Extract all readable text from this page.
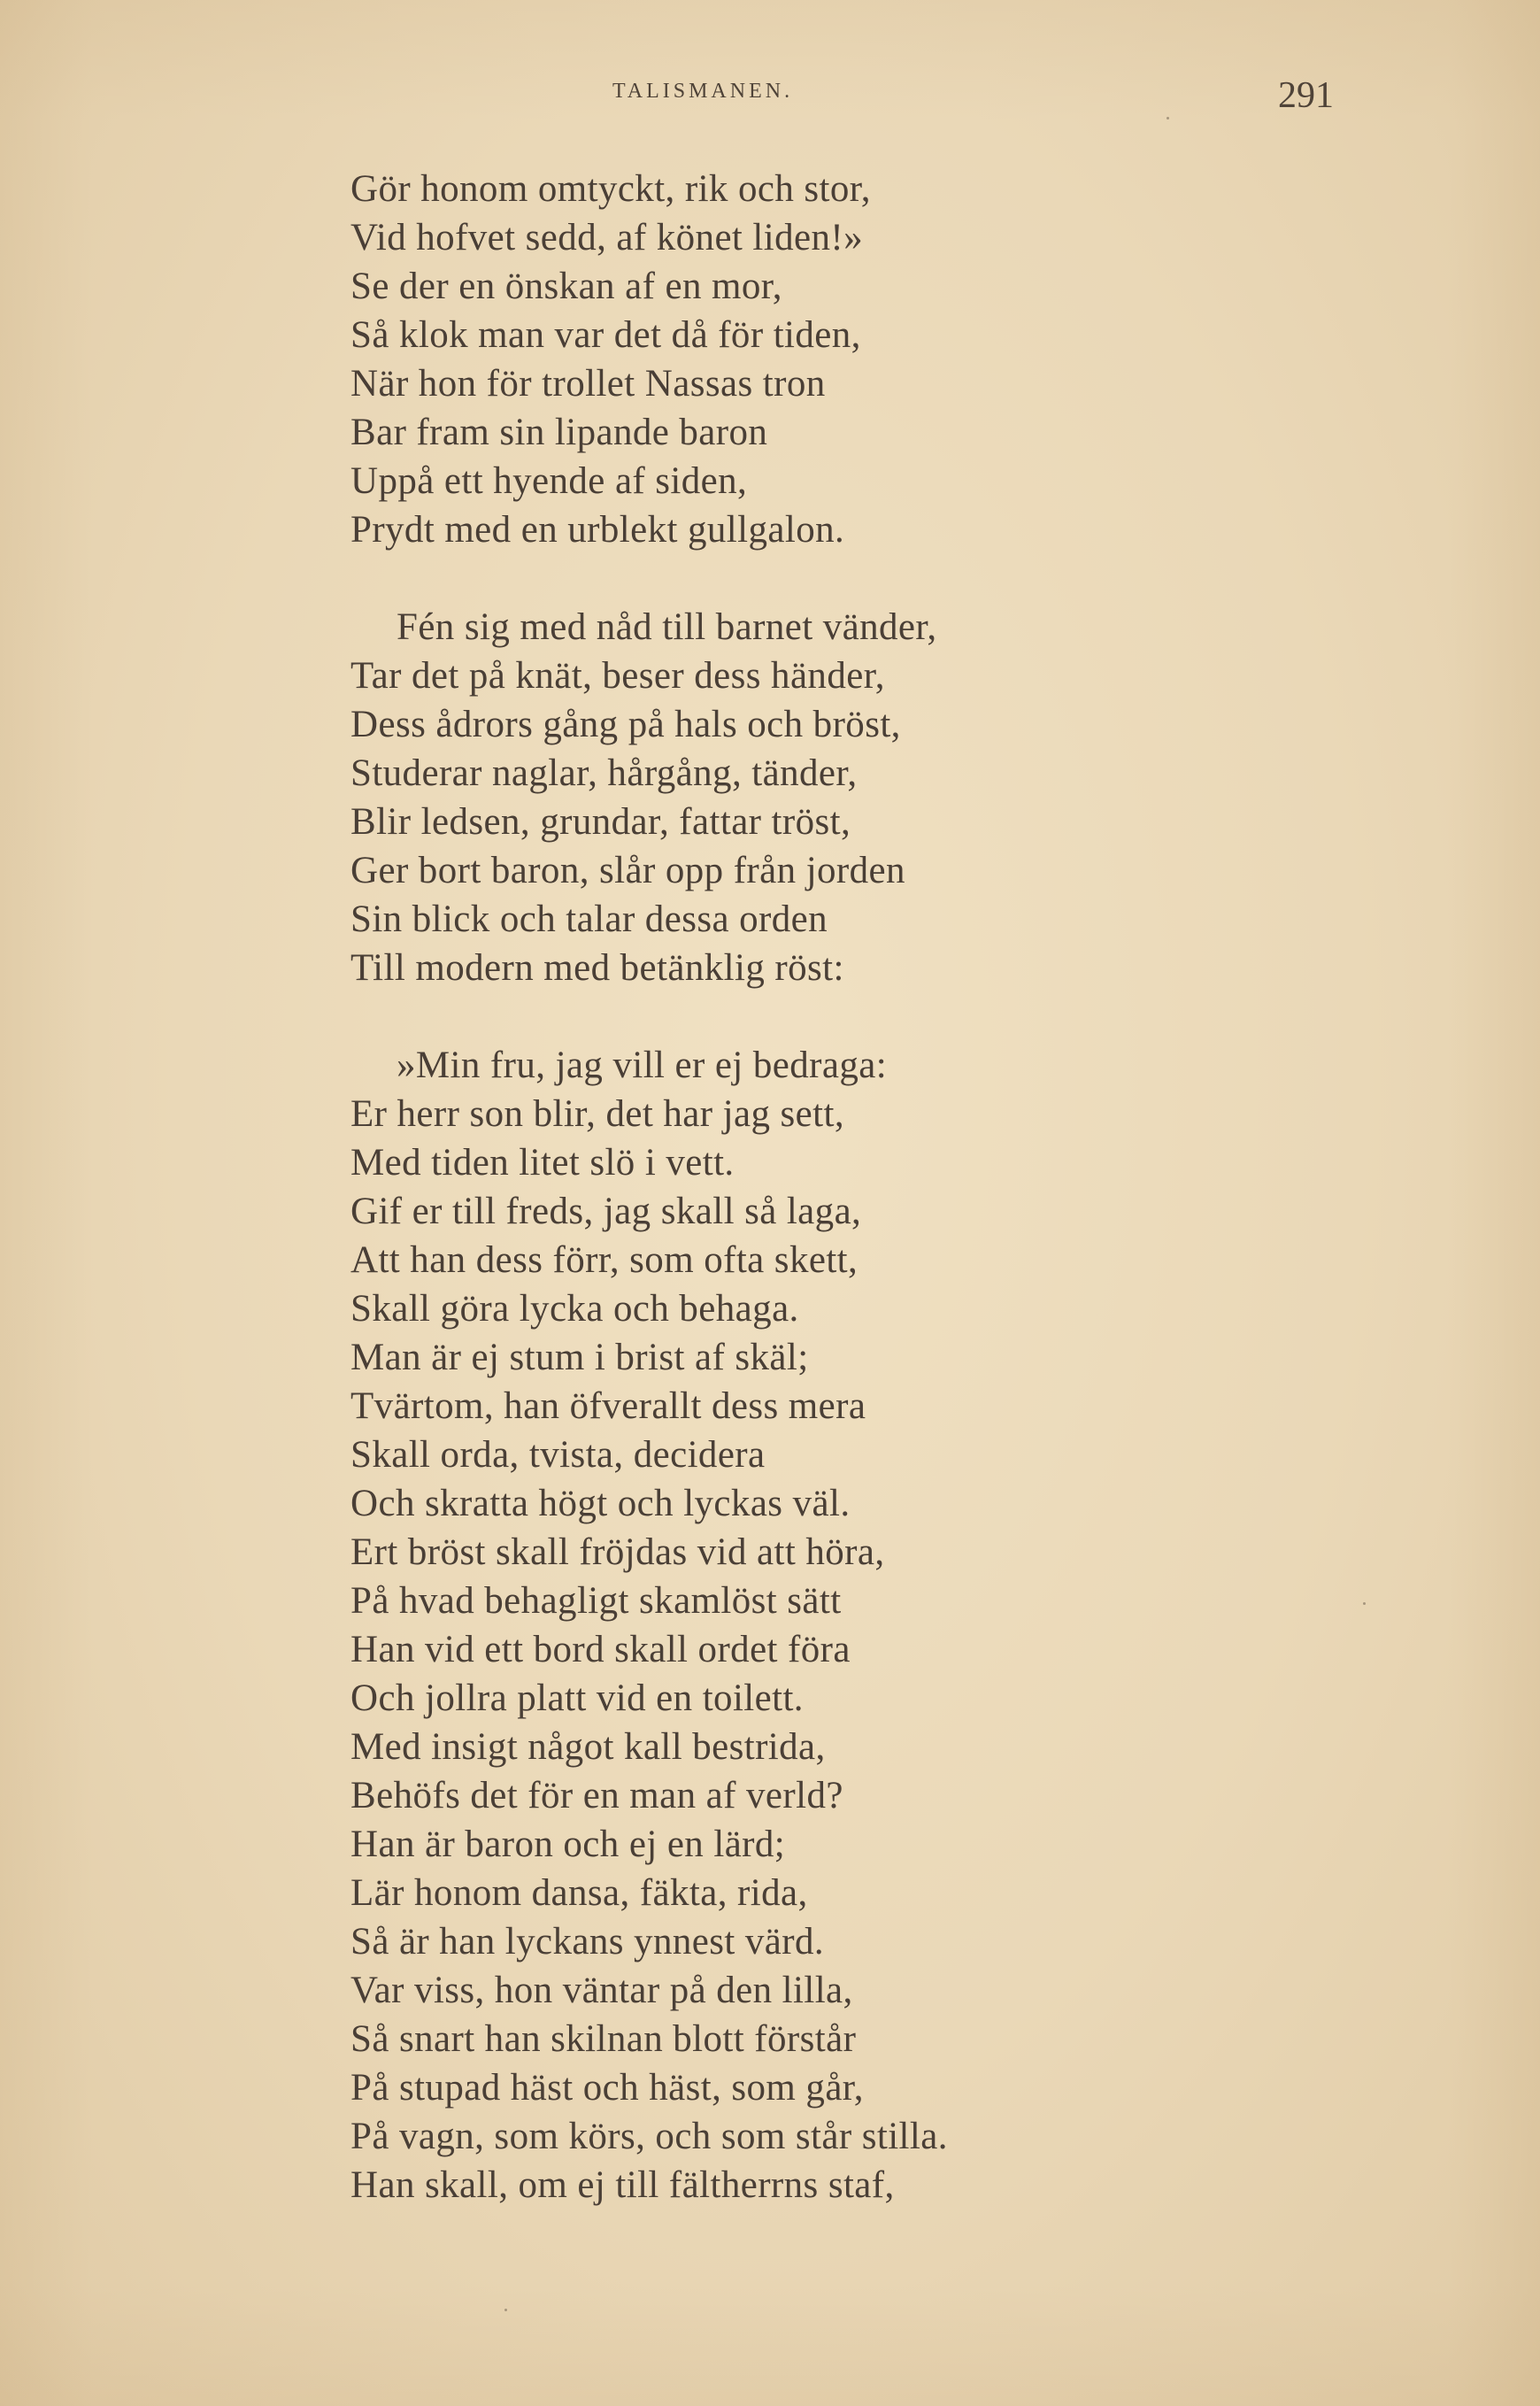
TALISMANEN.	291
Gör honom omtyckt, rik och stor,
Vid hofvet sedd, af könet liden!»
Se der en önskan af en mor,
Så klok man var det då för tiden,
När hon för trollet Nassas tron
Bar fram sin lipande baron
Uppå ett hyende af siden,
Prydt med en urblekt gullgalon.
Fén sig med nåd till barnet vänder,
Tar det på knät, beser dess händer,
Dess ådrors gång på hals och bröst,
Studerar naglar, hårgång, tänder,
Blir ledsen, grundar, fattar tröst,
Ger bort baron, slår opp från jorden
Sin blick och talar dessa orden
Till modern med betänklig röst:
»Min fru, jag vill er ej bedraga:
Er herr son blir, det har jag sett,
Med tiden litet slö i vett.
Gif er till freds, jag skall så laga,
Att han dess förr, som ofta skett,
Skall göra lycka och behaga.
Man är ej stum i brist af skäl;
Tvärtom, han öfverallt dess mera
Skall orda, tvista, decidera
Och skratta högt och lyckas väl.
Ert bröst skall fröjdas vid att höra,
På hvad behagligt skamlöst sätt
Han vid ett bord skall ordet föra
Och jollra platt vid en toilett.
Med insigt något kall bestrida,
Behöfs det för en man af verld?
Han är baron och ej en lärd;
Lär honom dansa, fäkta, rida,
Så är han lyckans ynnest värd.
Var viss, hon väntar på den lilla,
Så snart han skilnan blott förstår
På stupad häst och häst, som går,
På vagn, som körs, och som står stilla.
Han skall, om ej till fältherrns staf,
